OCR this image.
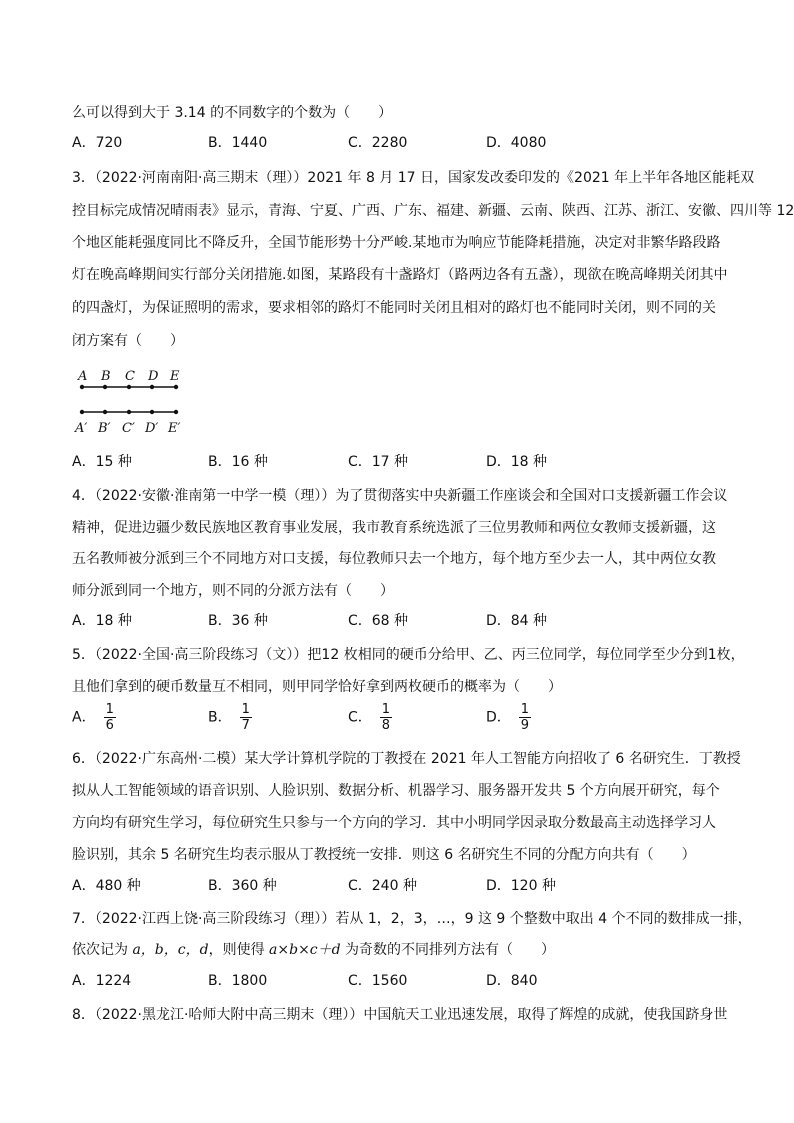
么可以得到大于 3.14 的不同数字的个数为（　　）
A．720	B．1440	C．2280	D．4080
3．（2022·河南南阳·高三期末（理））2021 年 8 月 17 日，国家发改委印发的《2021 年上半年各地区能耗双
控目标完成情况晴雨表》显示，青海、宁夏、广西、广东、福建、新疆、云南、陕西、江苏、浙江、安徽、四川等 12
个地区能耗强度同比不降反升，全国节能形势十分严峻.某地市为响应节能降耗措施，决定对非繁华路段路
灯在晚高峰期间实行部分关闭措施.如图，某路段有十盏路灯（路两边各有五盏），现欲在晚高峰期关闭其中
的四盏灯，为保证照明的需求，要求相邻的路灯不能同时关闭且相对的路灯也不能同时关闭，则不同的关
闭方案有（　　）
A B C D E
A′ B′ C′ D′ E′
A．15 种	B．16 种	C．17 种	D．18 种
4．（2022·安徽·淮南第一中学一模（理））为了贯彻落实中央新疆工作座谈会和全国对口支援新疆工作会议
精神，促进边疆少数民族地区教育事业发展，我市教育系统选派了三位男教师和两位女教师支援新疆，这
五名教师被分派到三个不同地方对口支援，每位教师只去一个地方，每个地方至少去一人，其中两位女教
师分派到同一个地方，则不同的分派方法有（　　）
A．18 种	B．36 种	C．68 种	D．84 种
5．（2022·全国·高三阶段练习（文））把12 枚相同的硬币分给甲、乙、丙三位同学，每位同学至少分到1枚，
且他们拿到的硬币数量互不相同，则甲同学恰好拿到两枚硬币的概率为（　　）
A． $\frac{1}{6}$	B． $\frac{1}{7}$	C． $\frac{1}{8}$	D． $\frac{1}{9}$
6．（2022·广东高州·二模）某大学计算机学院的丁教授在 2021 年人工智能方向招收了 6 名研究生．丁教授
拟从人工智能领域的语音识别、人脸识别、数据分析、机器学习、服务器开发共 5 个方向展开研究，每个
方向均有研究生学习，每位研究生只参与一个方向的学习．其中小明同学因录取分数最高主动选择学习人
脸识别，其余 5 名研究生均表示服从丁教授统一安排．则这 6 名研究生不同的分配方向共有（　　）
A．480 种	B．360 种	C．240 种	D．120 种
7．（2022·江西上饶·高三阶段练习（理））若从 1，2，3，…，9 这 9 个整数中取出 4 个不同的数排成一排，
依次记为 a，b，c，d，则使得 a×b×c＋d 为奇数的不同排列方法有（　　）
A．1224	B．1800	C．1560	D．840
8．（2022·黑龙江·哈师大附中高三期末（理））中国航天工业迅速发展，取得了辉煌的成就，使我国跻身世
